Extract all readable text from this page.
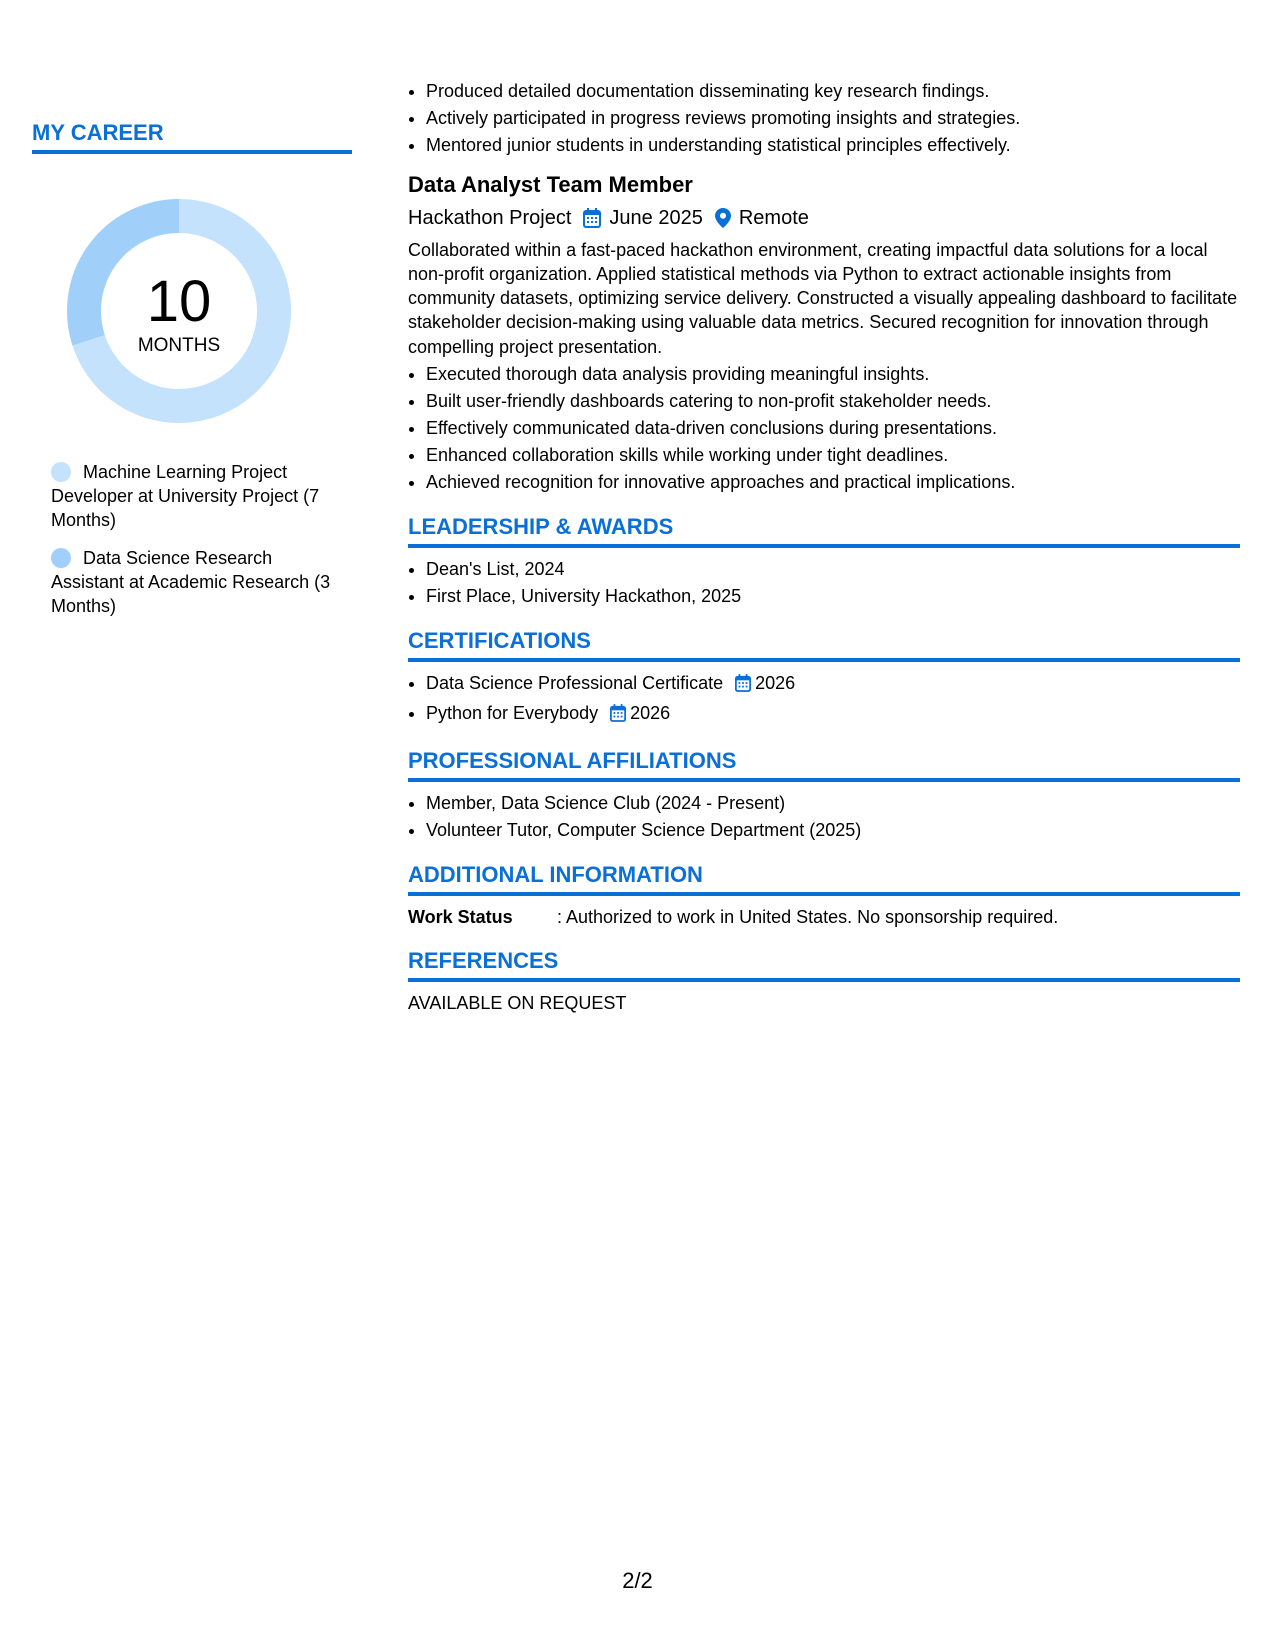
MY CAREER
10
MONTHS
Machine Learning Project Developer at University Project (7 Months)
Data Science Research Assistant at Academic Research (3 Months)
• Produced detailed documentation disseminating key research findings.
• Actively participated in progress reviews promoting insights and strategies.
• Mentored junior students in understanding statistical principles effectively.
Data Analyst Team Member
Hackathon Project June 2025 Remote

Collaborated within a fast-paced hackathon environment, creating impactful data solutions for a local non-profit organization. Applied statistical methods via Python to extract actionable insights from community datasets, optimizing service delivery. Constructed a visually appealing dashboard to facilitate stakeholder decision-making using valuable data metrics. Secured recognition for innovation through compelling project presentation.

• Executed thorough data analysis providing meaningful insights.
• Built user-friendly dashboards catering to non-profit stakeholder needs.
• Effectively communicated data-driven conclusions during presentations.
• Enhanced collaboration skills while working under tight deadlines.
• Achieved recognition for innovative approaches and practical implications.
LEADERSHIP & AWARDS
• Dean's List, 2024
• First Place, University Hackathon, 2025
CERTIFICATIONS
• Data Science Professional Certificate 2026
• Python for Everybody 2026
PROFESSIONAL AFFILIATIONS
• Member, Data Science Club (2024 - Present)
• Volunteer Tutor, Computer Science Department (2025)
ADDITIONAL INFORMATION
Work Status	: Authorized to work in United States. No sponsorship required.
REFERENCES

AVAILABLE ON REQUEST

2/2
